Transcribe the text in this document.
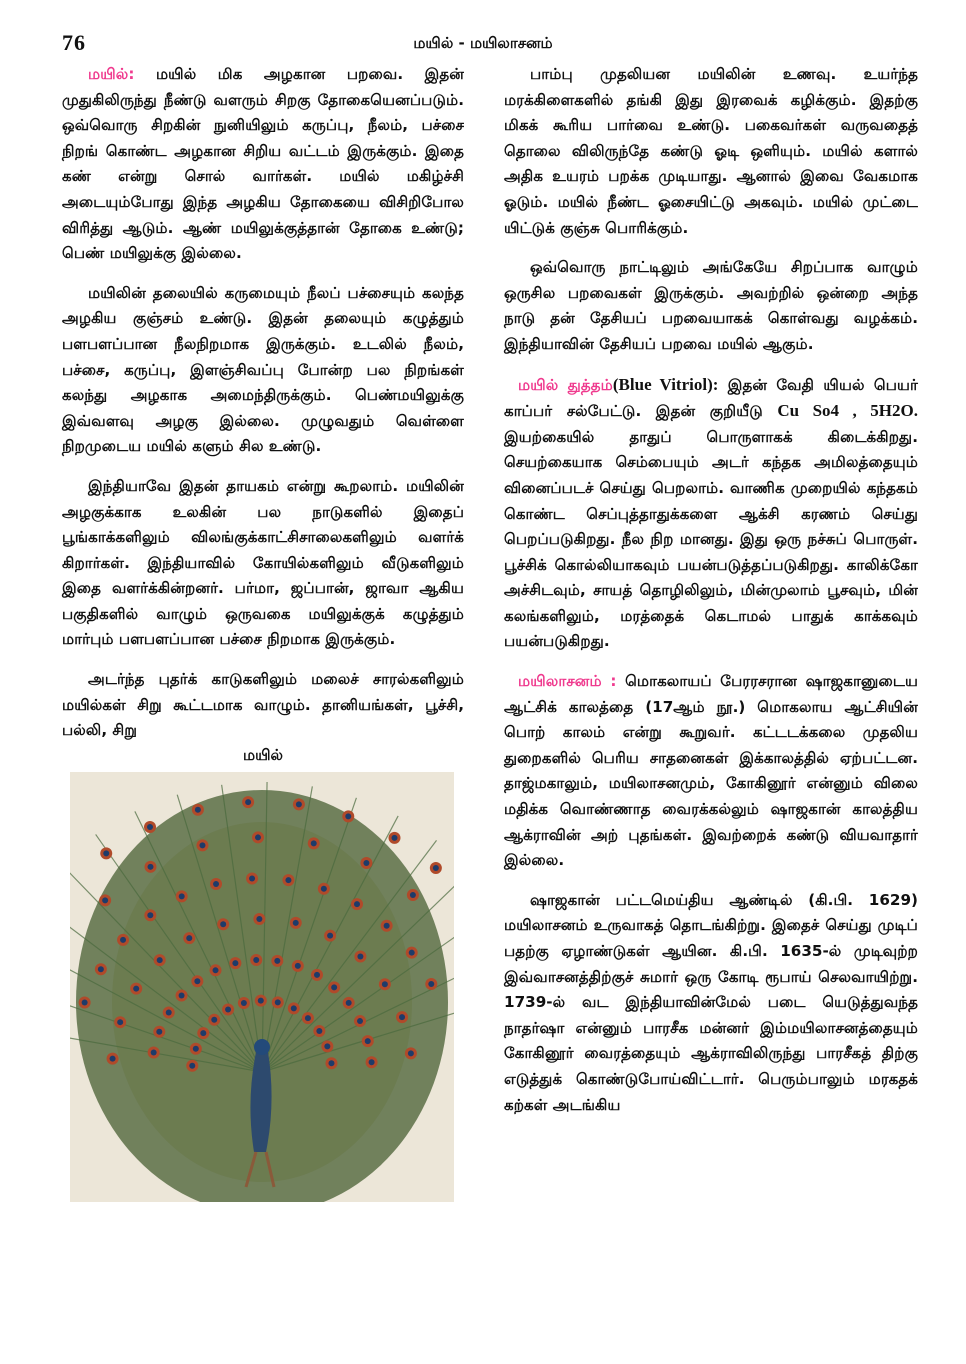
76	மயில் - மயிலாசனம்

மயில்: மயில் மிக அழகான பறவை. இதன் முதுகிலிருந்து நீண்டு வளரும் சிறகு தோகையெனப்படும். ஒவ்வொரு சிறகின் நுனியிலும் கருப்பு, நீலம், பச்சை நிறங் கொண்ட அழகான சிறிய வட்டம் இருக்கும். இதை கண் என்று சொல் வார்கள். மயில் மகிழ்ச்சி அடையும்போது இந்த அழகிய தோகையை விசிறிபோல விரித்து ஆடும். ஆண் மயிலுக்குத்தான் தோகை உண்டு; பெண் மயிலுக்கு இல்லை.

மயிலின் தலையில் கருமையும் நீலப் பச்சையும் கலந்த அழகிய குஞ்சம் உண்டு. இதன் தலையும் கழுத்தும் பளபளப்பான நீலநிறமாக இருக்கும். உடலில் நீலம், பச்சை, கருப்பு, இளஞ்சிவப்பு போன்ற பல நிறங்கள் கலந்து அழகாக அமைந்திருக்கும். பெண்மயிலுக்கு இவ்வளவு அழகு இல்லை. முழுவதும் வெள்ளை நிறமுடைய மயில் களும் சில உண்டு.

இந்தியாவே இதன் தாயகம் என்று கூறலாம். மயிலின் அழகுக்காக உலகின் பல நாடுகளில் இதைப் பூங்காக்களிலும் விலங்குக்காட்சிசாலைகளிலும் வளர்க் கிறார்கள். இந்தியாவில் கோயில்களிலும் வீடுகளிலும் இதை வளர்க்கின்றனர். பர்மா, ஜப்பான், ஜாவா ஆகிய பகுதிகளில் வாழும் ஒருவகை மயிலுக்குக் கழுத்தும் மார்பும் பளபளப்பான பச்சை நிறமாக இருக்கும்.

அடர்ந்த புதர்க் காடுகளிலும் மலைச் சாரல்களிலும் மயில்கள் சிறு கூட்டமாக வாழும். தானியங்கள், பூச்சி, பல்லி, சிறு

மயில்

பாம்பு முதலியன மயிலின் உணவு. உயர்ந்த மரக்கிளைகளில் தங்கி இது இரவைக் கழிக்கும். இதற்கு மிகக் கூரிய பார்வை உண்டு. பகைவர்கள் வருவதைத் தொலை விலிருந்தே கண்டு ஓடி ஒளியும். மயில் களால் அதிக உயரம் பறக்க முடியாது. ஆனால் இவை வேகமாக ஓடும். மயில் நீண்ட ஓசையிட்டு அகவும். மயில் முட்டை யிட்டுக் குஞ்சு பொரிக்கும்.

ஒவ்வொரு நாட்டிலும் அங்கேயே சிறப்பாக வாழும் ஒருசில பறவைகள் இருக்கும். அவற்றில் ஒன்றை அந்த நாடு தன் தேசியப் பறவையாகக் கொள்வது வழக்கம். இந்தியாவின் தேசியப் பறவை மயில் ஆகும்.

மயில் துத்தம்(Blue Vitriol): இதன் வேதி யியல் பெயர் காப்பர் சல்பேட்டு. இதன் குறியீடு Cu So4 , 5H2O. இயற்கையில் தாதுப் பொருளாகக் கிடைக்கிறது. செயற்கையாக செம்பையும் அடர் கந்தக அமிலத்தையும் வினைப்படச் செய்து பெறலாம். வாணிக முறையில் கந்தகம் கொண்ட செப்புத்தாதுக்களை ஆக்சி கரணம் செய்து பெறப்படுகிறது. நீல நிற மானது. இது ஒரு நச்சுப் பொருள். பூச்சிக் கொல்லியாகவும் பயன்படுத்தப்படுகிறது. காலிக்கோ அச்சிடவும், சாயத் தொழிலிலும், மின்முலாம் பூசவும், மின் கலங்களிலும், மரத்தைக் கெடாமல் பாதுக் காக்கவும் பயன்படுகிறது.

மயிலாசனம் : மொகலாயப் பேரரசரான ஷாஜகானுடைய ஆட்சிக் காலத்தை (17ஆம் நூ.) மொகலாய ஆட்சியின் பொற் காலம் என்று கூறுவர். கட்டடக்கலை முதலிய துறைகளில் பெரிய சாதனைகள் இக்காலத்தில் ஏற்பட்டன. தாஜ்மகாலும், மயிலாசனமும், கோகினூர் என்னும் விலை மதிக்க வொண்ணாத வைரக்கல்லும் ஷாஜகான் காலத்திய ஆக்ராவின் அற் புதங்கள். இவற்றைக் கண்டு வியவாதார் இல்லை.

ஷாஜகான் பட்டமெய்திய ஆண்டில் (கி.பி. 1629) மயிலாசனம் உருவாகத் தொடங்கிற்று. இதைச் செய்து முடிப் பதற்கு ஏழாண்டுகள் ஆயின. கி.பி. 1635-ல் முடிவுற்ற இவ்வாசனத்திற்குச் சுமார் ஒரு கோடி ரூபாய் செலவாயிற்று. 1739-ல் வட இந்தியாவின்மேல் படை யெடுத்துவந்த நாதர்ஷா என்னும் பாரசீக மன்னர் இம்மயிலாசனத்தையும் கோகினூர் வைரத்தையும் ஆக்ராவிலிருந்து பாரசீகத் திற்கு எடுத்துக் கொண்டுபோய்விட்டார். பெரும்பாலும் மரகதக் கற்கள் அடங்கிய
